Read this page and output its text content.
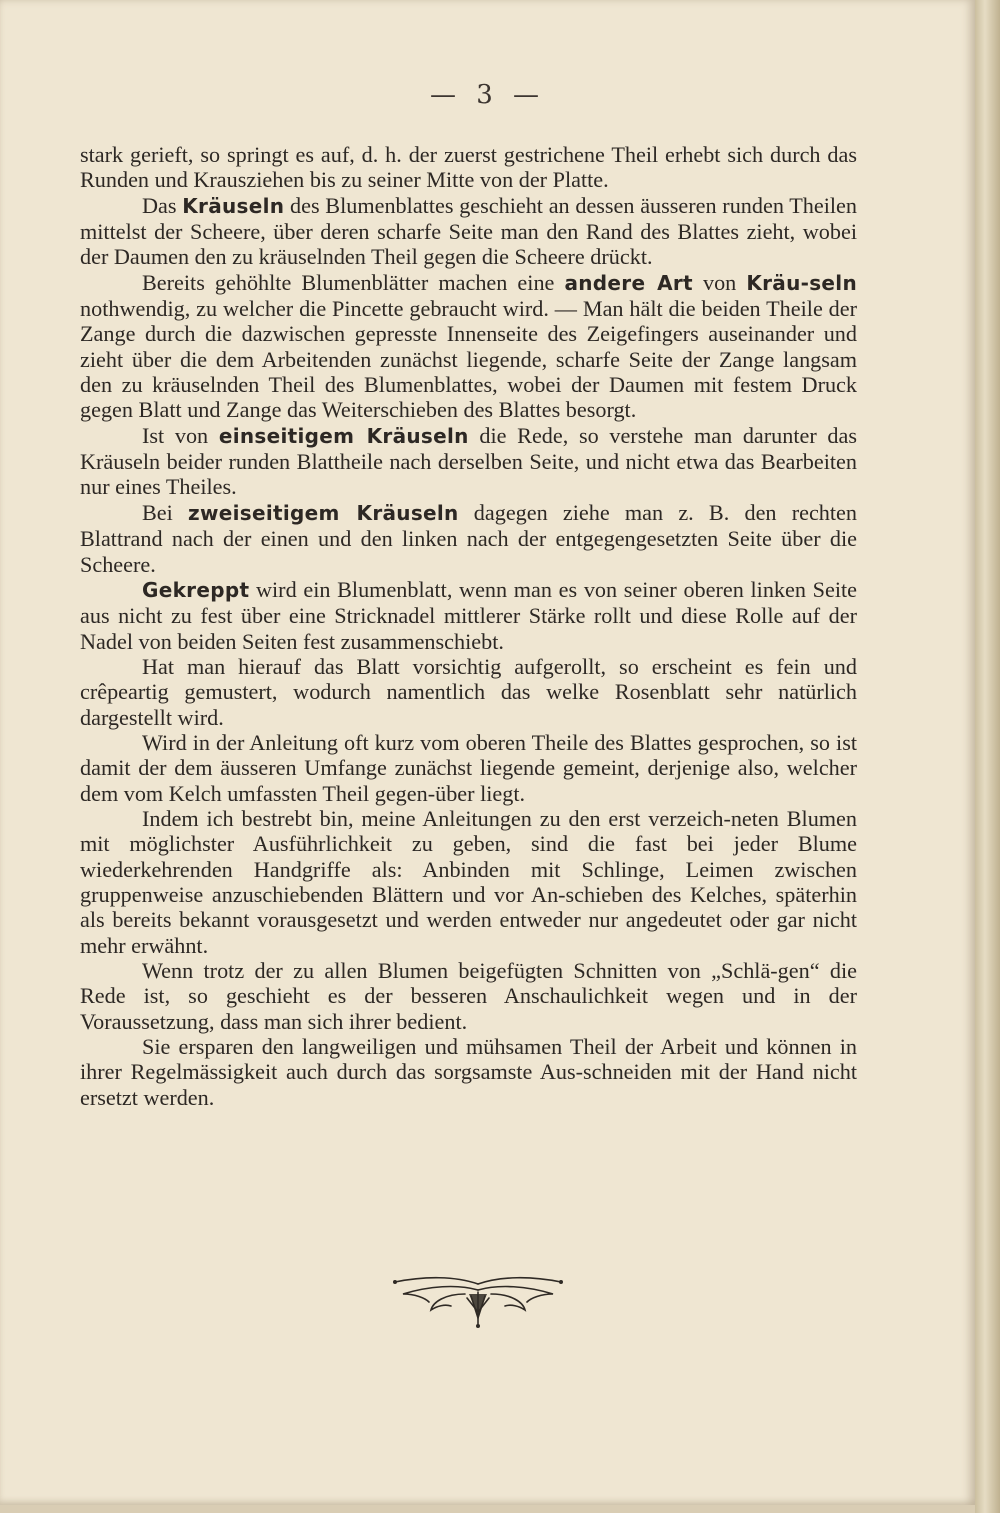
— 3 —

stark gerieft, so springt es auf, d. h. der zuerst gestrichene Theil erhebt sich durch das Runden und Krausziehen bis zu seiner Mitte von der Platte.

Das Kräuseln des Blumenblattes geschieht an dessen äusseren runden Theilen mittelst der Scheere, über deren scharfe Seite man den Rand des Blattes zieht, wobei der Daumen den zu kräuselnden Theil gegen die Scheere drückt.

Bereits gehöhlte Blumenblätter machen eine andere Art von Kräu-seln nothwendig, zu welcher die Pincette gebraucht wird. — Man hält die beiden Theile der Zange durch die dazwischen gepresste Innenseite des Zeigefingers auseinander und zieht über die dem Arbeitenden zunächst liegende, scharfe Seite der Zange langsam den zu kräuselnden Theil des Blumenblattes, wobei der Daumen mit festem Druck gegen Blatt und Zange das Weiterschieben des Blattes besorgt.

Ist von einseitigem Kräuseln die Rede, so verstehe man darunter das Kräuseln beider runden Blattheile nach derselben Seite, und nicht etwa das Bearbeiten nur eines Theiles.

Bei zweiseitigem Kräuseln dagegen ziehe man z. B. den rechten Blattrand nach der einen und den linken nach der entgegengesetzten Seite über die Scheere.

Gekreppt wird ein Blumenblatt, wenn man es von seiner oberen linken Seite aus nicht zu fest über eine Stricknadel mittlerer Stärke rollt und diese Rolle auf der Nadel von beiden Seiten fest zusammenschiebt.

Hat man hierauf das Blatt vorsichtig aufgerollt, so erscheint es fein und crêpeartig gemustert, wodurch namentlich das welke Rosenblatt sehr natürlich dargestellt wird.

Wird in der Anleitung oft kurz vom oberen Theile des Blattes gesprochen, so ist damit der dem äusseren Umfange zunächst liegende gemeint, derjenige also, welcher dem vom Kelch umfassten Theil gegen-über liegt.

Indem ich bestrebt bin, meine Anleitungen zu den erst verzeich-neten Blumen mit möglichster Ausführlichkeit zu geben, sind die fast bei jeder Blume wiederkehrenden Handgriffe als: Anbinden mit Schlinge, Leimen zwischen gruppenweise anzuschiebenden Blättern und vor An-schieben des Kelches, späterhin als bereits bekannt vorausgesetzt und werden entweder nur angedeutet oder gar nicht mehr erwähnt.

Wenn trotz der zu allen Blumen beigefügten Schnitten von „Schlä-gen“ die Rede ist, so geschieht es der besseren Anschaulichkeit wegen und in der Voraussetzung, dass man sich ihrer bedient.

Sie ersparen den langweiligen und mühsamen Theil der Arbeit und können in ihrer Regelmässigkeit auch durch das sorgsamste Aus-schneiden mit der Hand nicht ersetzt werden.
